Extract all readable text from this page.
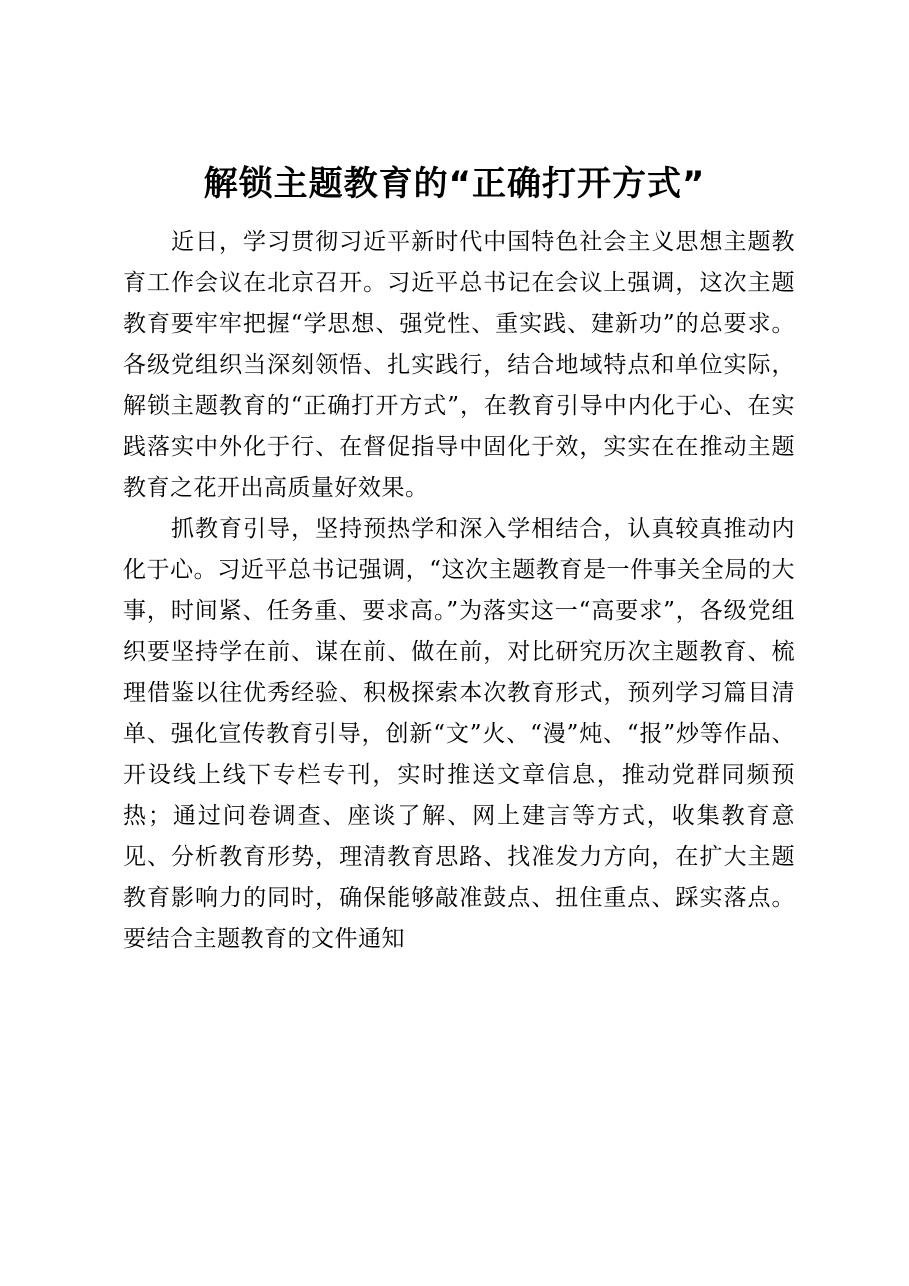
解锁主题教育的“正确打开方式”

近日，学习贯彻习近平新时代中国特色社会主义思想主题教育工作会议在北京召开。习近平总书记在会议上强调，这次主题教育要牢牢把握“学思想、强党性、重实践、建新功”的总要求。各级党组织当深刻领悟、扎实践行，结合地域特点和单位实际，解锁主题教育的“正确打开方式”，在教育引导中内化于心、在实践落实中外化于行、在督促指导中固化于效，实实在在推动主题教育之花开出高质量好效果。

抓教育引导，坚持预热学和深入学相结合，认真较真推动内化于心。习近平总书记强调，“这次主题教育是一件事关全局的大事，时间紧、任务重、要求高。”为落实这一“高要求”，各级党组织要坚持学在前、谋在前、做在前，对比研究历次主题教育、梳理借鉴以往优秀经验、积极探索本次教育形式，预列学习篇目清单、强化宣传教育引导，创新“文”火、“漫”炖、“报”炒等作品、开设线上线下专栏专刊，实时推送文章信息，推动党群同频预热；通过问卷调查、座谈了解、网上建言等方式，收集教育意见、分析教育形势，理清教育思路、找准发力方向，在扩大主题教育影响力的同时，确保能够敲准鼓点、扭住重点、踩实落点。要结合主题教育的文件通知
